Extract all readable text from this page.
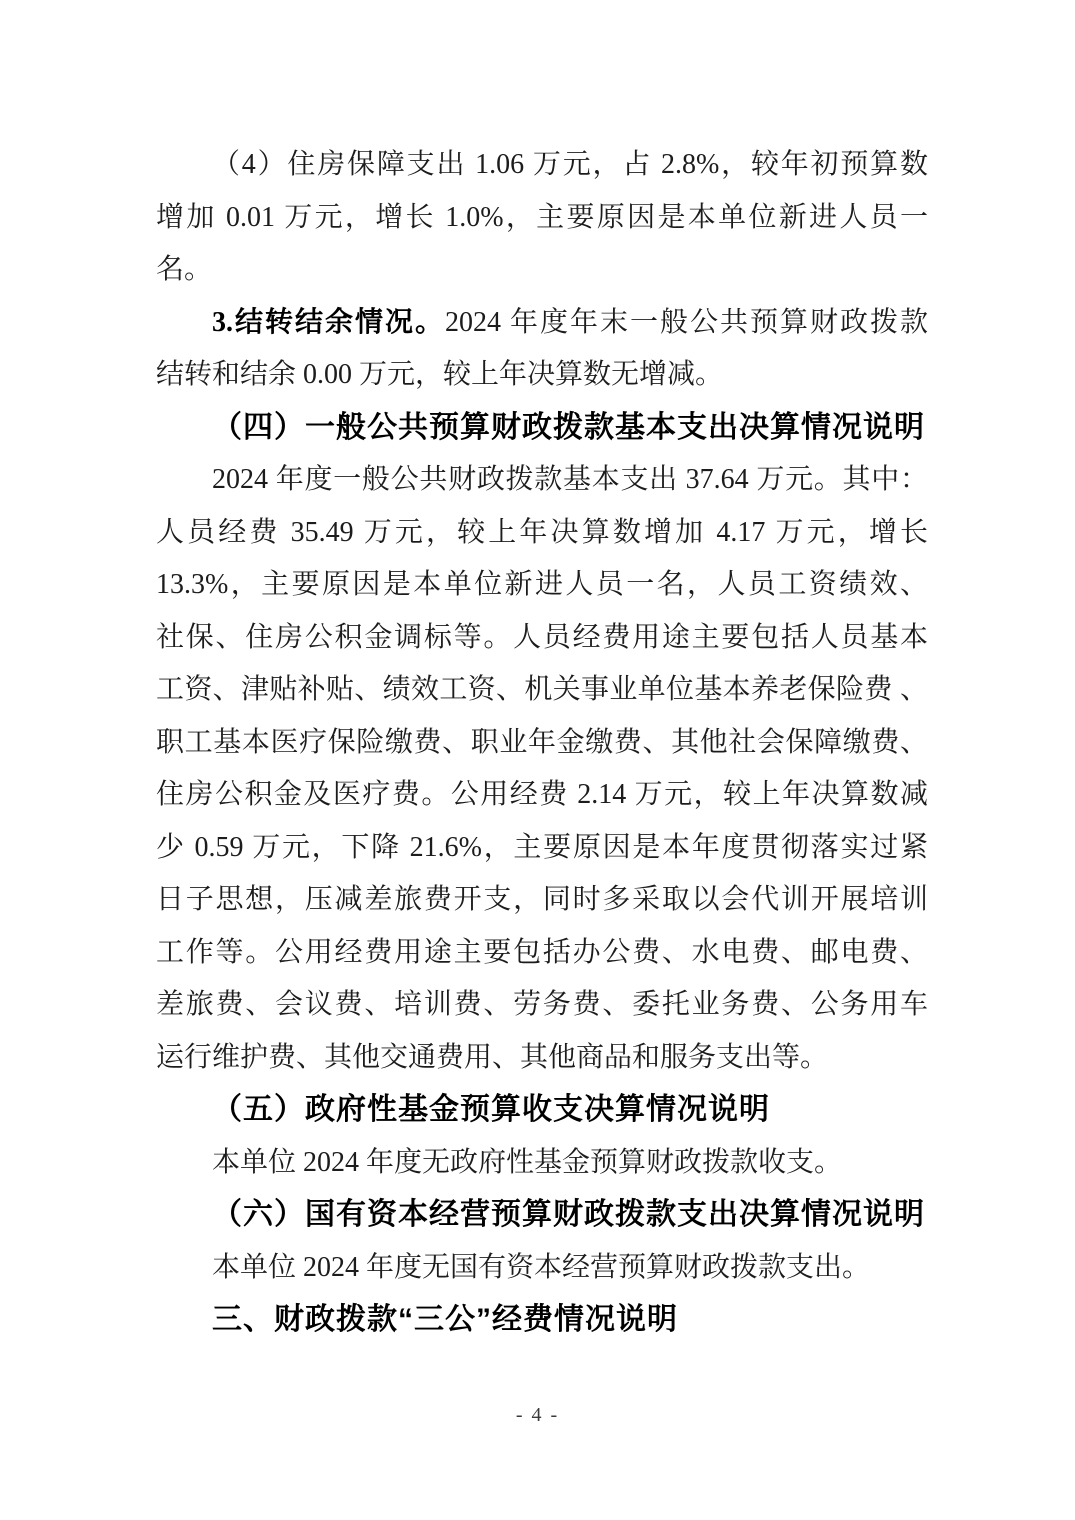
（4）住房保障支出 1.06 万元，占 2.8%，较年初预算数
增加 0.01 万元，增长 1.0%，主要原因是本单位新进人员一
名。
3.结转结余情况。2024 年度年末一般公共预算财政拨款
结转和结余 0.00 万元，较上年决算数无增减。
（四）一般公共预算财政拨款基本支出决算情况说明
2024 年度一般公共财政拨款基本支出 37.64 万元。其中：
人员经费 35.49 万元，较上年决算数增加 4.17 万元，增长
13.3%，主要原因是本单位新进人员一名，人员工资绩效、
社保、住房公积金调标等。人员经费用途主要包括人员基本
工资、津贴补贴、绩效工资、机关事业单位基本养老保险费 、
职工基本医疗保险缴费、职业年金缴费、其他社会保障缴费、
住房公积金及医疗费。公用经费 2.14 万元，较上年决算数减
少 0.59 万元，下降 21.6%，主要原因是本年度贯彻落实过紧
日子思想，压减差旅费开支，同时多采取以会代训开展培训
工作等。公用经费用途主要包括办公费、水电费、邮电费、
差旅费、会议费、培训费、劳务费、委托业务费、公务用车
运行维护费、其他交通费用、其他商品和服务支出等。
（五）政府性基金预算收支决算情况说明
本单位 2024 年度无政府性基金预算财政拨款收支。
（六）国有资本经营预算财政拨款支出决算情况说明
本单位 2024 年度无国有资本经营预算财政拨款支出。
三、财政拨款“三公”经费情况说明
- 4 -
